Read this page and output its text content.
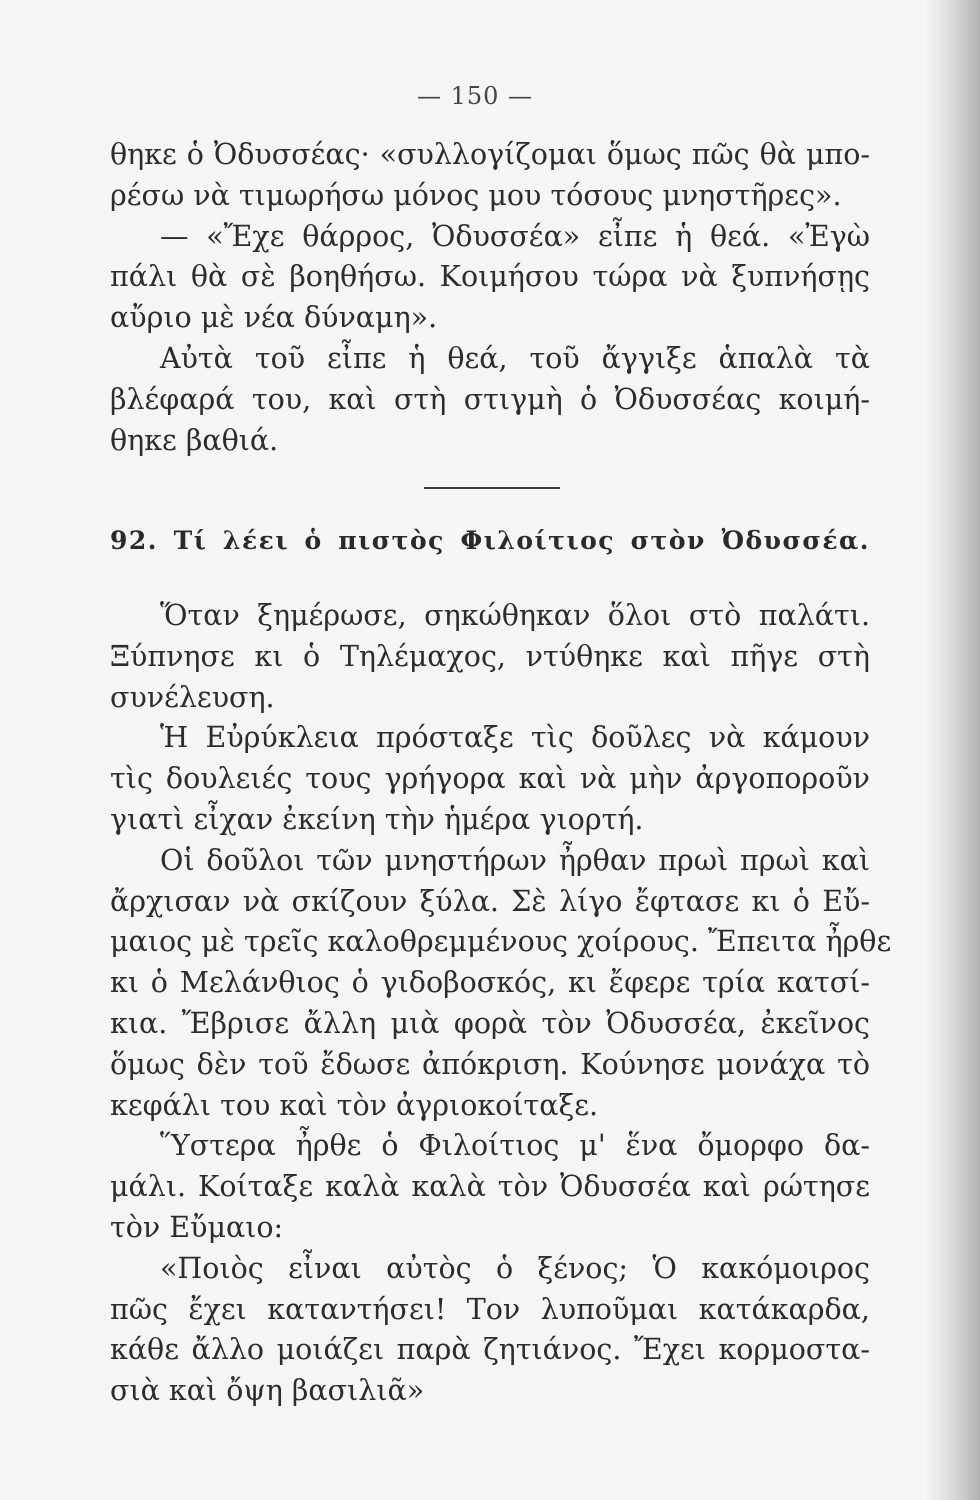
— 150 —
θηκε ὁ Ὀδυσσέας· «συλλογίζομαι ὅμως πῶς θὰ μπο-
ρέσω νὰ τιμωρήσω μόνος μου τόσους μνηστῆρες».
— «Ἔχε θάρρος, Ὀδυσσέα» εἶπε ἡ θεά. «Ἐγὼ
πάλι θὰ σὲ βοηθήσω. Κοιμήσου τώρα νὰ ξυπνήσῃς
αὔριο μὲ νέα δύναμη».
Αὐτὰ τοῦ εἶπε ἡ θεά, τοῦ ἄγγιξε ἁπαλὰ τὰ
βλέφαρά του, καὶ στὴ στιγμὴ ὁ Ὀδυσσέας κοιμή-
θηκε βαθιά.
92. Τί λέει ὁ πιστὸς Φιλοίτιος στὸν Ὀδυσσέα.
Ὅταν ξημέρωσε, σηκώθηκαν ὅλοι στὸ παλάτι.
Ξύπνησε κι ὁ Τηλέμαχος, ντύθηκε καὶ πῆγε στὴ
συνέλευση.
Ἡ Εὐρύκλεια πρόσταξε τὶς δοῦλες νὰ κάμουν
τὶς δουλειές τους γρήγορα καὶ νὰ μὴν ἀργοποροῦν
γιατὶ εἶχαν ἐκείνη τὴν ἡμέρα γιορτή.
Οἱ δοῦλοι τῶν μνηστήρων ἦρθαν πρωὶ πρωὶ καὶ
ἄρχισαν νὰ σκίζουν ξύλα. Σὲ λίγο ἔφτασε κι ὁ Εὔ-
μαιος μὲ τρεῖς καλοθρεμμένους χοίρους. Ἔπειτα ἦρθε
κι ὁ Μελάνθιος ὁ γιδοβοσκός, κι ἔφερε τρία κατσί-
κια. Ἔβρισε ἄλλη μιὰ φορὰ τὸν Ὀδυσσέα, ἐκεῖνος
ὅμως δὲν τοῦ ἔδωσε ἀπόκριση. Κούνησε μονάχα τὸ
κεφάλι του καὶ τὸν ἀγριοκοίταξε.
Ὕστερα ἦρθε ὁ Φιλοίτιος μ' ἕνα ὄμορφο δα-
μάλι. Κοίταξε καλὰ καλὰ τὸν Ὀδυσσέα καὶ ρώτησε
τὸν Εὔμαιο:
«Ποιὸς εἶναι αὐτὸς ὁ ξένος; Ὁ κακόμοιρος
πῶς ἔχει καταντήσει! Τον λυποῦμαι κατάκαρδα,
κάθε ἄλλο μοιάζει παρὰ ζητιάνος. Ἔχει κορμοστα-
σιὰ καὶ ὄψη βασιλιᾶ»
